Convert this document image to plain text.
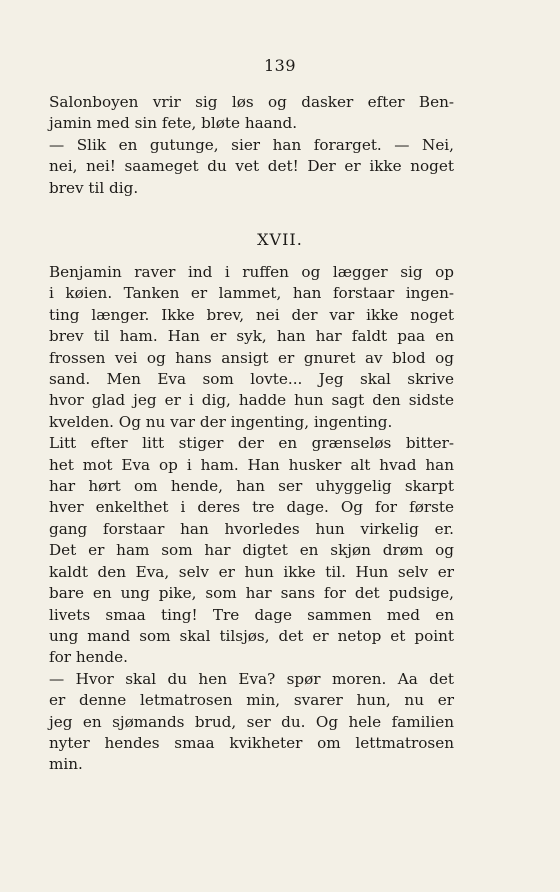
139
Salonboyen vrir sig løs og dasker efter Ben-
jamin med sin fete, bløte haand.
— Slik en gutunge, sier han forarget. — Nei,
nei, nei! saameget du vet det! Der er ikke noget
brev til dig.
XVII.
Benjamin raver ind i ruffen og lægger sig op
i køien. Tanken er lammet, han forstaar ingen-
ting længer. Ikke brev, nei der var ikke noget
brev til ham. Han er syk, han har faldt paa en
frossen vei og hans ansigt er gnuret av blod og
sand. Men Eva som lovte... Jeg skal skrive
hvor glad jeg er i dig, hadde hun sagt den sidste
kvelden. Og nu var der ingenting, ingenting.
Litt efter litt stiger der en grænseløs bitter-
het mot Eva op i ham. Han husker alt hvad han
har hørt om hende, han ser uhyggelig skarpt
hver enkelthet i deres tre dage. Og for første
gang forstaar han hvorledes hun virkelig er.
Det er ham som har digtet en skjøn drøm og
kaldt den Eva, selv er hun ikke til. Hun selv er
bare en ung pike, som har sans for det pudsige,
livets smaa ting! Tre dage sammen med en
ung mand som skal tilsjøs, det er netop et point
for hende.
— Hvor skal du hen Eva? spør moren. Aa det
er denne letmatrosen min, svarer hun, nu er
jeg en sjømands brud, ser du. Og hele familien
nyter hendes smaa kvikheter om lettmatrosen
min.
